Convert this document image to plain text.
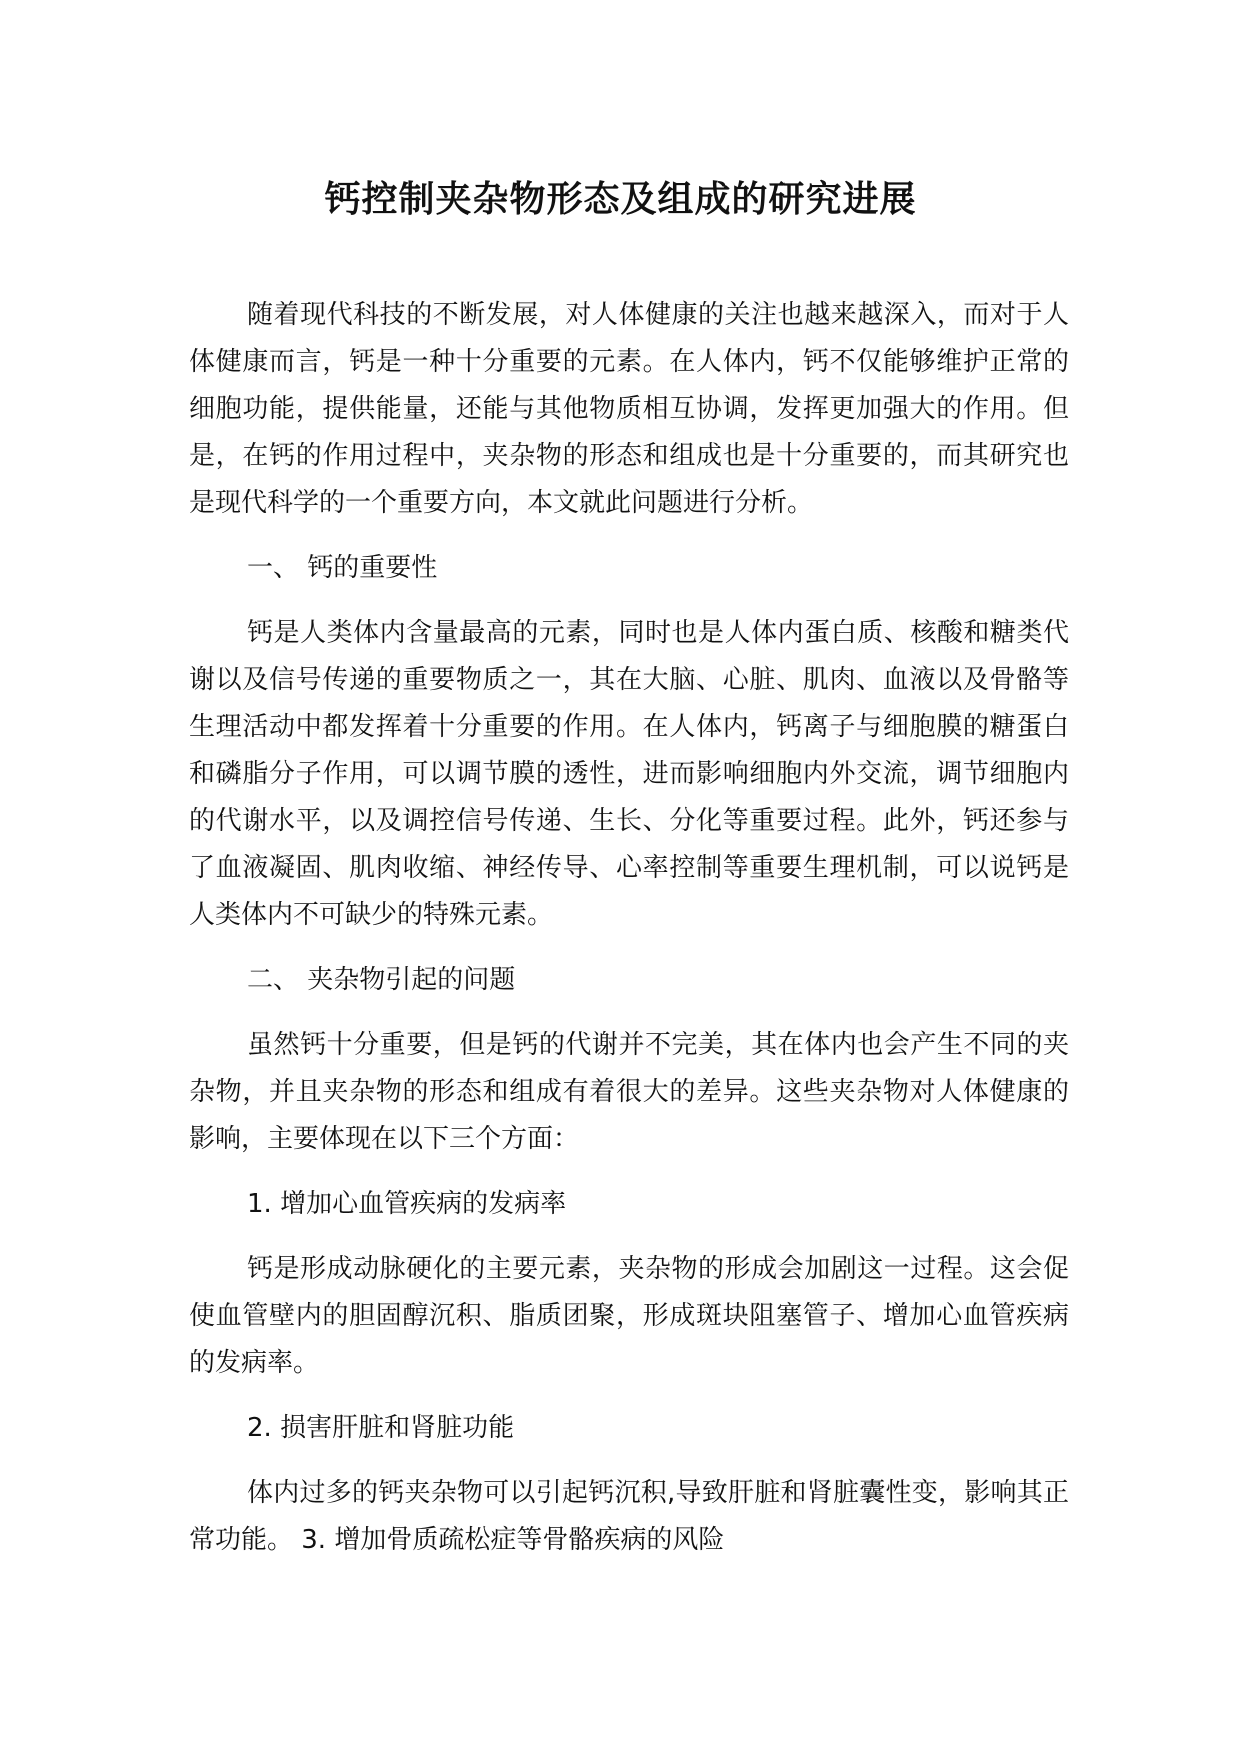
钙控制夹杂物形态及组成的研究进展

随着现代科技的不断发展，对人体健康的关注也越来越深入，而对于人体健康而言，钙是一种十分重要的元素。在人体内，钙不仅能够维护正常的细胞功能，提供能量，还能与其他物质相互协调，发挥更加强大的作用。但是，在钙的作用过程中，夹杂物的形态和组成也是十分重要的，而其研究也是现代科学的一个重要方向，本文就此问题进行分析。

一、 钙的重要性

钙是人类体内含量最高的元素，同时也是人体内蛋白质、核酸和糖类代谢以及信号传递的重要物质之一，其在大脑、心脏、肌肉、血液以及骨骼等生理活动中都发挥着十分重要的作用。在人体内，钙离子与细胞膜的糖蛋白和磷脂分子作用，可以调节膜的透性，进而影响细胞内外交流，调节细胞内的代谢水平，以及调控信号传递、生长、分化等重要过程。此外，钙还参与了血液凝固、肌肉收缩、神经传导、心率控制等重要生理机制，可以说钙是人类体内不可缺少的特殊元素。

二、 夹杂物引起的问题

虽然钙十分重要，但是钙的代谢并不完美，其在体内也会产生不同的夹杂物，并且夹杂物的形态和组成有着很大的差异。这些夹杂物对人体健康的影响，主要体现在以下三个方面：

1. 增加心血管疾病的发病率

钙是形成动脉硬化的主要元素，夹杂物的形成会加剧这一过程。这会促使血管壁内的胆固醇沉积、脂质团聚，形成斑块阻塞管子、增加心血管疾病的发病率。

2. 损害肝脏和肾脏功能

体内过多的钙夹杂物可以引起钙沉积,导致肝脏和肾脏囊性变，影响其正常功能。 3. 增加骨质疏松症等骨骼疾病的风险
